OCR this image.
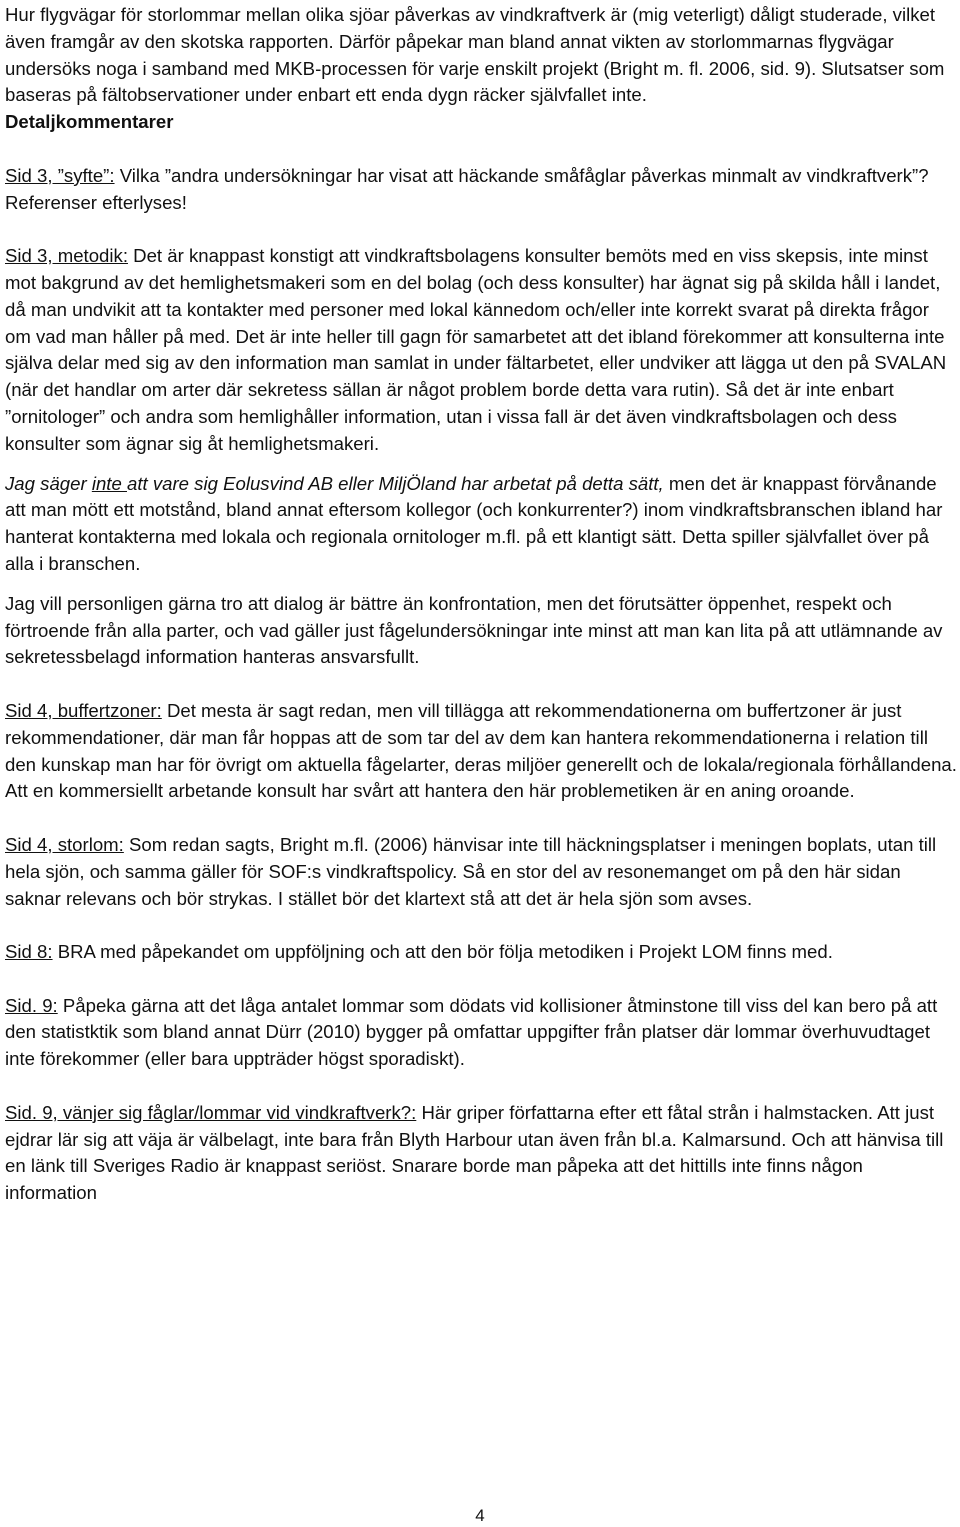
Hur flygvägar för storlommar mellan olika sjöar påverkas av vindkraftverk är (mig veterligt) dåligt studerade, vilket även framgår av den skotska rapporten. Därför påpekar man bland annat vikten av storlommarnas flygvägar undersöks noga i samband med MKB-processen för varje enskilt projekt (Bright m. fl. 2006, sid. 9). Slutsatser som baseras på fältobservationer under enbart ett enda dygn räcker självfallet inte.

Detaljkommentarer

Sid 3, ”syfte”: Vilka ”andra undersökningar har visat att häckande småfåglar påverkas minmalt av vindkraftverk”? Referenser efterlyses!

Sid 3, metodik: Det är knappast konstigt att vindkraftsbolagens konsulter bemöts med en viss skepsis, inte minst mot bakgrund av det hemlighetsmakeri som en del bolag (och dess konsulter) har ägnat sig på skilda håll i landet, då man undvikit att ta kontakter med personer med lokal kännedom och/eller inte korrekt svarat på direkta frågor om vad man håller på med. Det är inte heller till gagn för samarbetet att det ibland förekommer att konsulterna inte själva delar med sig av den information man samlat in under fältarbetet, eller undviker att lägga ut den på SVALAN (när det handlar om arter där sekretess sällan är något problem borde detta vara rutin). Så det är inte enbart ”ornitologer” och andra som hemlighåller information, utan i vissa fall är det även vindkraftsbolagen och dess konsulter som ägnar sig åt hemlighetsmakeri.

Jag säger inte att vare sig Eolusvind AB eller MiljÖland har arbetat på detta sätt, men det är knappast förvånande att man mött ett motstånd, bland annat eftersom kollegor (och konkurrenter?) inom vindkraftsbranschen ibland har hanterat kontakterna med lokala och regionala ornitologer m.fl. på ett klantigt sätt. Detta spiller självfallet över på alla i branschen.

Jag vill personligen gärna tro att dialog är bättre än konfrontation, men det förutsätter öppenhet, respekt och förtroende från alla parter, och vad gäller just fågelundersökningar inte minst att man kan lita på att utlämnande av sekretessbelagd information hanteras ansvarsfullt.

Sid 4, buffertzoner: Det mesta är sagt redan, men vill tillägga att rekommendationerna om buffertzoner är just rekommendationer, där man får hoppas att de som tar del av dem kan hantera rekommendationerna i relation till den kunskap man har för övrigt om aktuella fågelarter, deras miljöer generellt och de lokala/regionala förhållandena. Att en kommersiellt arbetande konsult har svårt att hantera den här problemetiken är en aning oroande.

Sid 4, storlom: Som redan sagts, Bright m.fl. (2006) hänvisar inte till häckningsplatser i meningen boplats, utan till hela sjön, och samma gäller för SOF:s vindkraftspolicy. Så en stor del av resonemanget om på den här sidan saknar relevans och bör strykas. I stället bör det klartext stå att det är hela sjön som avses.

Sid 8: BRA med påpekandet om uppföljning och att den bör följa metodiken i Projekt LOM finns med.

Sid. 9: Påpeka gärna att det låga antalet lommar som dödats vid kollisioner åtminstone till viss del kan bero på att den statistktik som bland annat Dürr (2010) bygger på omfattar uppgifter från platser där lommar överhuvudtaget inte förekommer (eller bara uppträder högst sporadiskt).

Sid. 9, vänjer sig fåglar/lommar vid vindkraftverk?: Här griper författarna efter ett fåtal strån i halmstacken. Att just ejdrar lär sig att väja är välbelagt, inte bara från Blyth Harbour utan även från bl.a. Kalmarsund. Och att hänvisa till en länk till Sveriges Radio är knappast seriöst. Snarare borde man påpeka att det hittills inte finns någon information

4
